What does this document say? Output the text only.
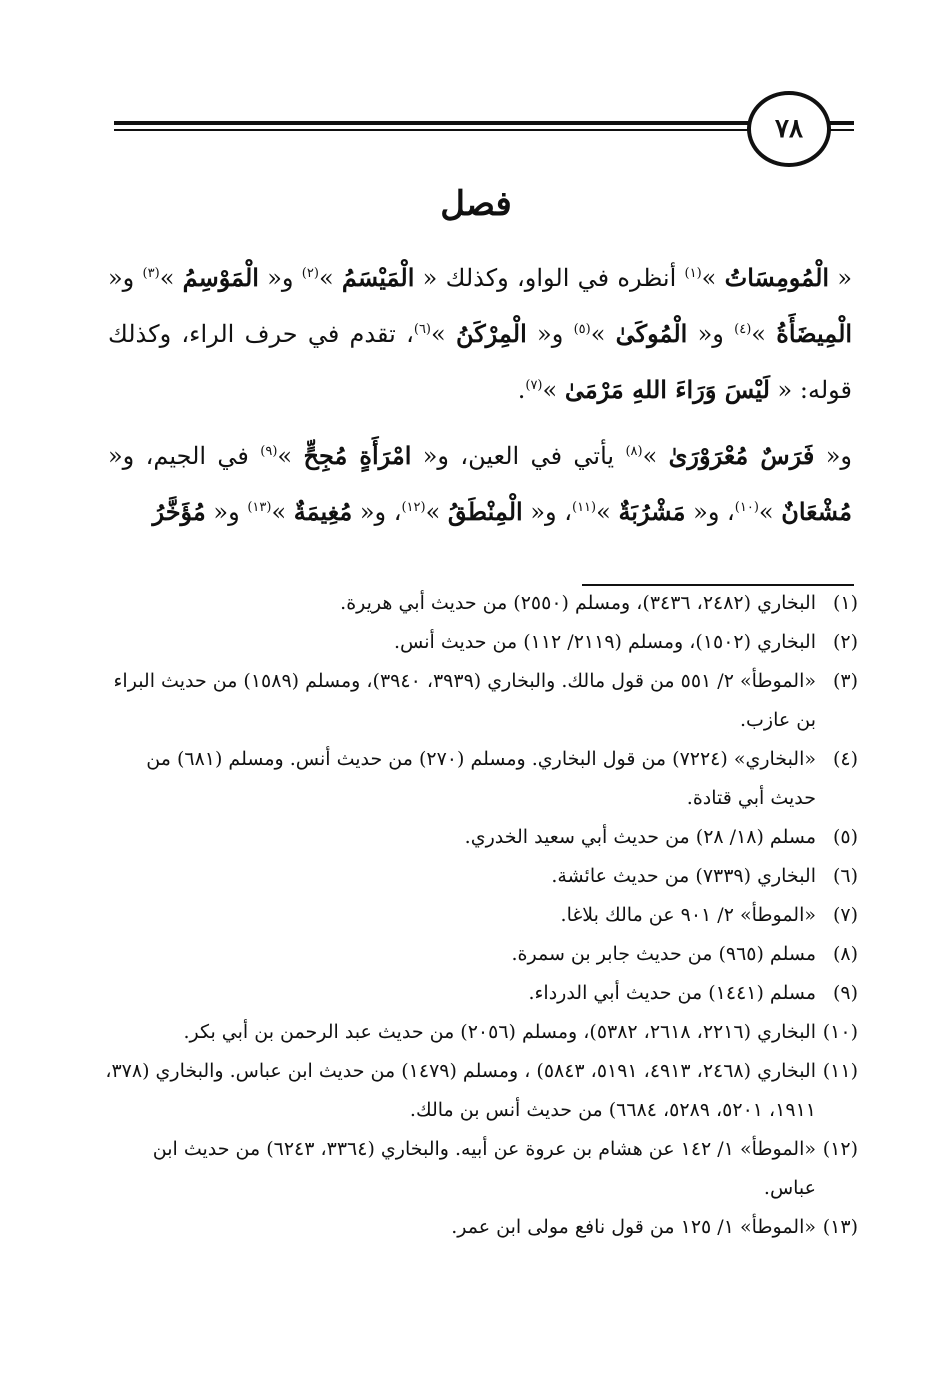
٧٨
فصل

« الْمُومِسَاتُ »$^{(١)}$ أنظره في الواو، وكذلك « الْمَيْسَمُ »$^{(٢)}$ و« الْمَوْسِمُ »$^{(٣)}$ و« الْمِيضَأَةُ »$^{(٤)}$ و« الْمُوكَىٰ »$^{(٥)}$ و« الْمِرْكَنُ »$^{(٦)}$، تقدم في حرف الراء، وكذلك قوله: « لَيْسَ وَرَاءَ اللهِ مَرْمَىٰ »$^{(٧)}$.

و« فَرَسٌ مُعْرَوْرَىٰ »$^{(٨)}$ يأتي في العين، و« امْرَأَةٍ مُجِحٍّ »$^{(٩)}$ في الجيم، و« مُشْعَانٌ »$^{(١٠)}$، و« مَشْرُبَةٌ »$^{(١١)}$، و« الْمِنْطَقُ »$^{(١٢)}$، و« مُغِيمَةٌ »$^{(١٣)}$ و« مُؤَخَّرُ

(١)
البخاري (٢٤٨٢، ٣٤٣٦)، ومسلم (٢٥٥٠) من حديث أبي هريرة.
(٢)
البخاري (١٥٠٢)، ومسلم (٢١١٩/ ١١٢) من حديث أنس.
(٣)
«الموطأ» ٢/ ٥٥١ من قول مالك. والبخاري (٣٩٣٩، ٣٩٤٠)، ومسلم (١٥٨٩) من حديث البراء بن عازب.
(٤)
«البخاري» (٧٢٢٤) من قول البخاري. ومسلم (٢٧٠) من حديث أنس. ومسلم (٦٨١) من حديث أبي قتادة.
(٥)
مسلم (١٨/ ٢٨) من حديث أبي سعيد الخدري.
(٦)
البخاري (٧٣٣٩) من حديث عائشة.
(٧)
«الموطأ» ٢/ ٩٠١ عن مالك بلاغا.
(٨)
مسلم (٩٦٥) من حديث جابر بن سمرة.
(٩)
مسلم (١٤٤١) من حديث أبي الدرداء.
(١٠)
البخاري (٢٢١٦، ٢٦١٨، ٥٣٨٢)، ومسلم (٢٠٥٦) من حديث عبد الرحمن بن أبي بكر.
(١١)
البخاري (٢٤٦٨، ٤٩١٣، ٥١٩١، ٥٨٤٣) ، ومسلم (١٤٧٩) من حديث ابن عباس. والبخاري (٣٧٨، ١٩١١، ٥٢٠١، ٥٢٨٩، ٦٦٨٤) من حديث أنس بن مالك.
(١٢)
«الموطأ» ١/ ١٤٢ عن هشام بن عروة عن أبيه. والبخاري (٣٣٦٤، ٦٢٤٣) من حديث ابن عباس.
(١٣)
«الموطأ» ١/ ١٢٥ من قول نافع مولى ابن عمر.
